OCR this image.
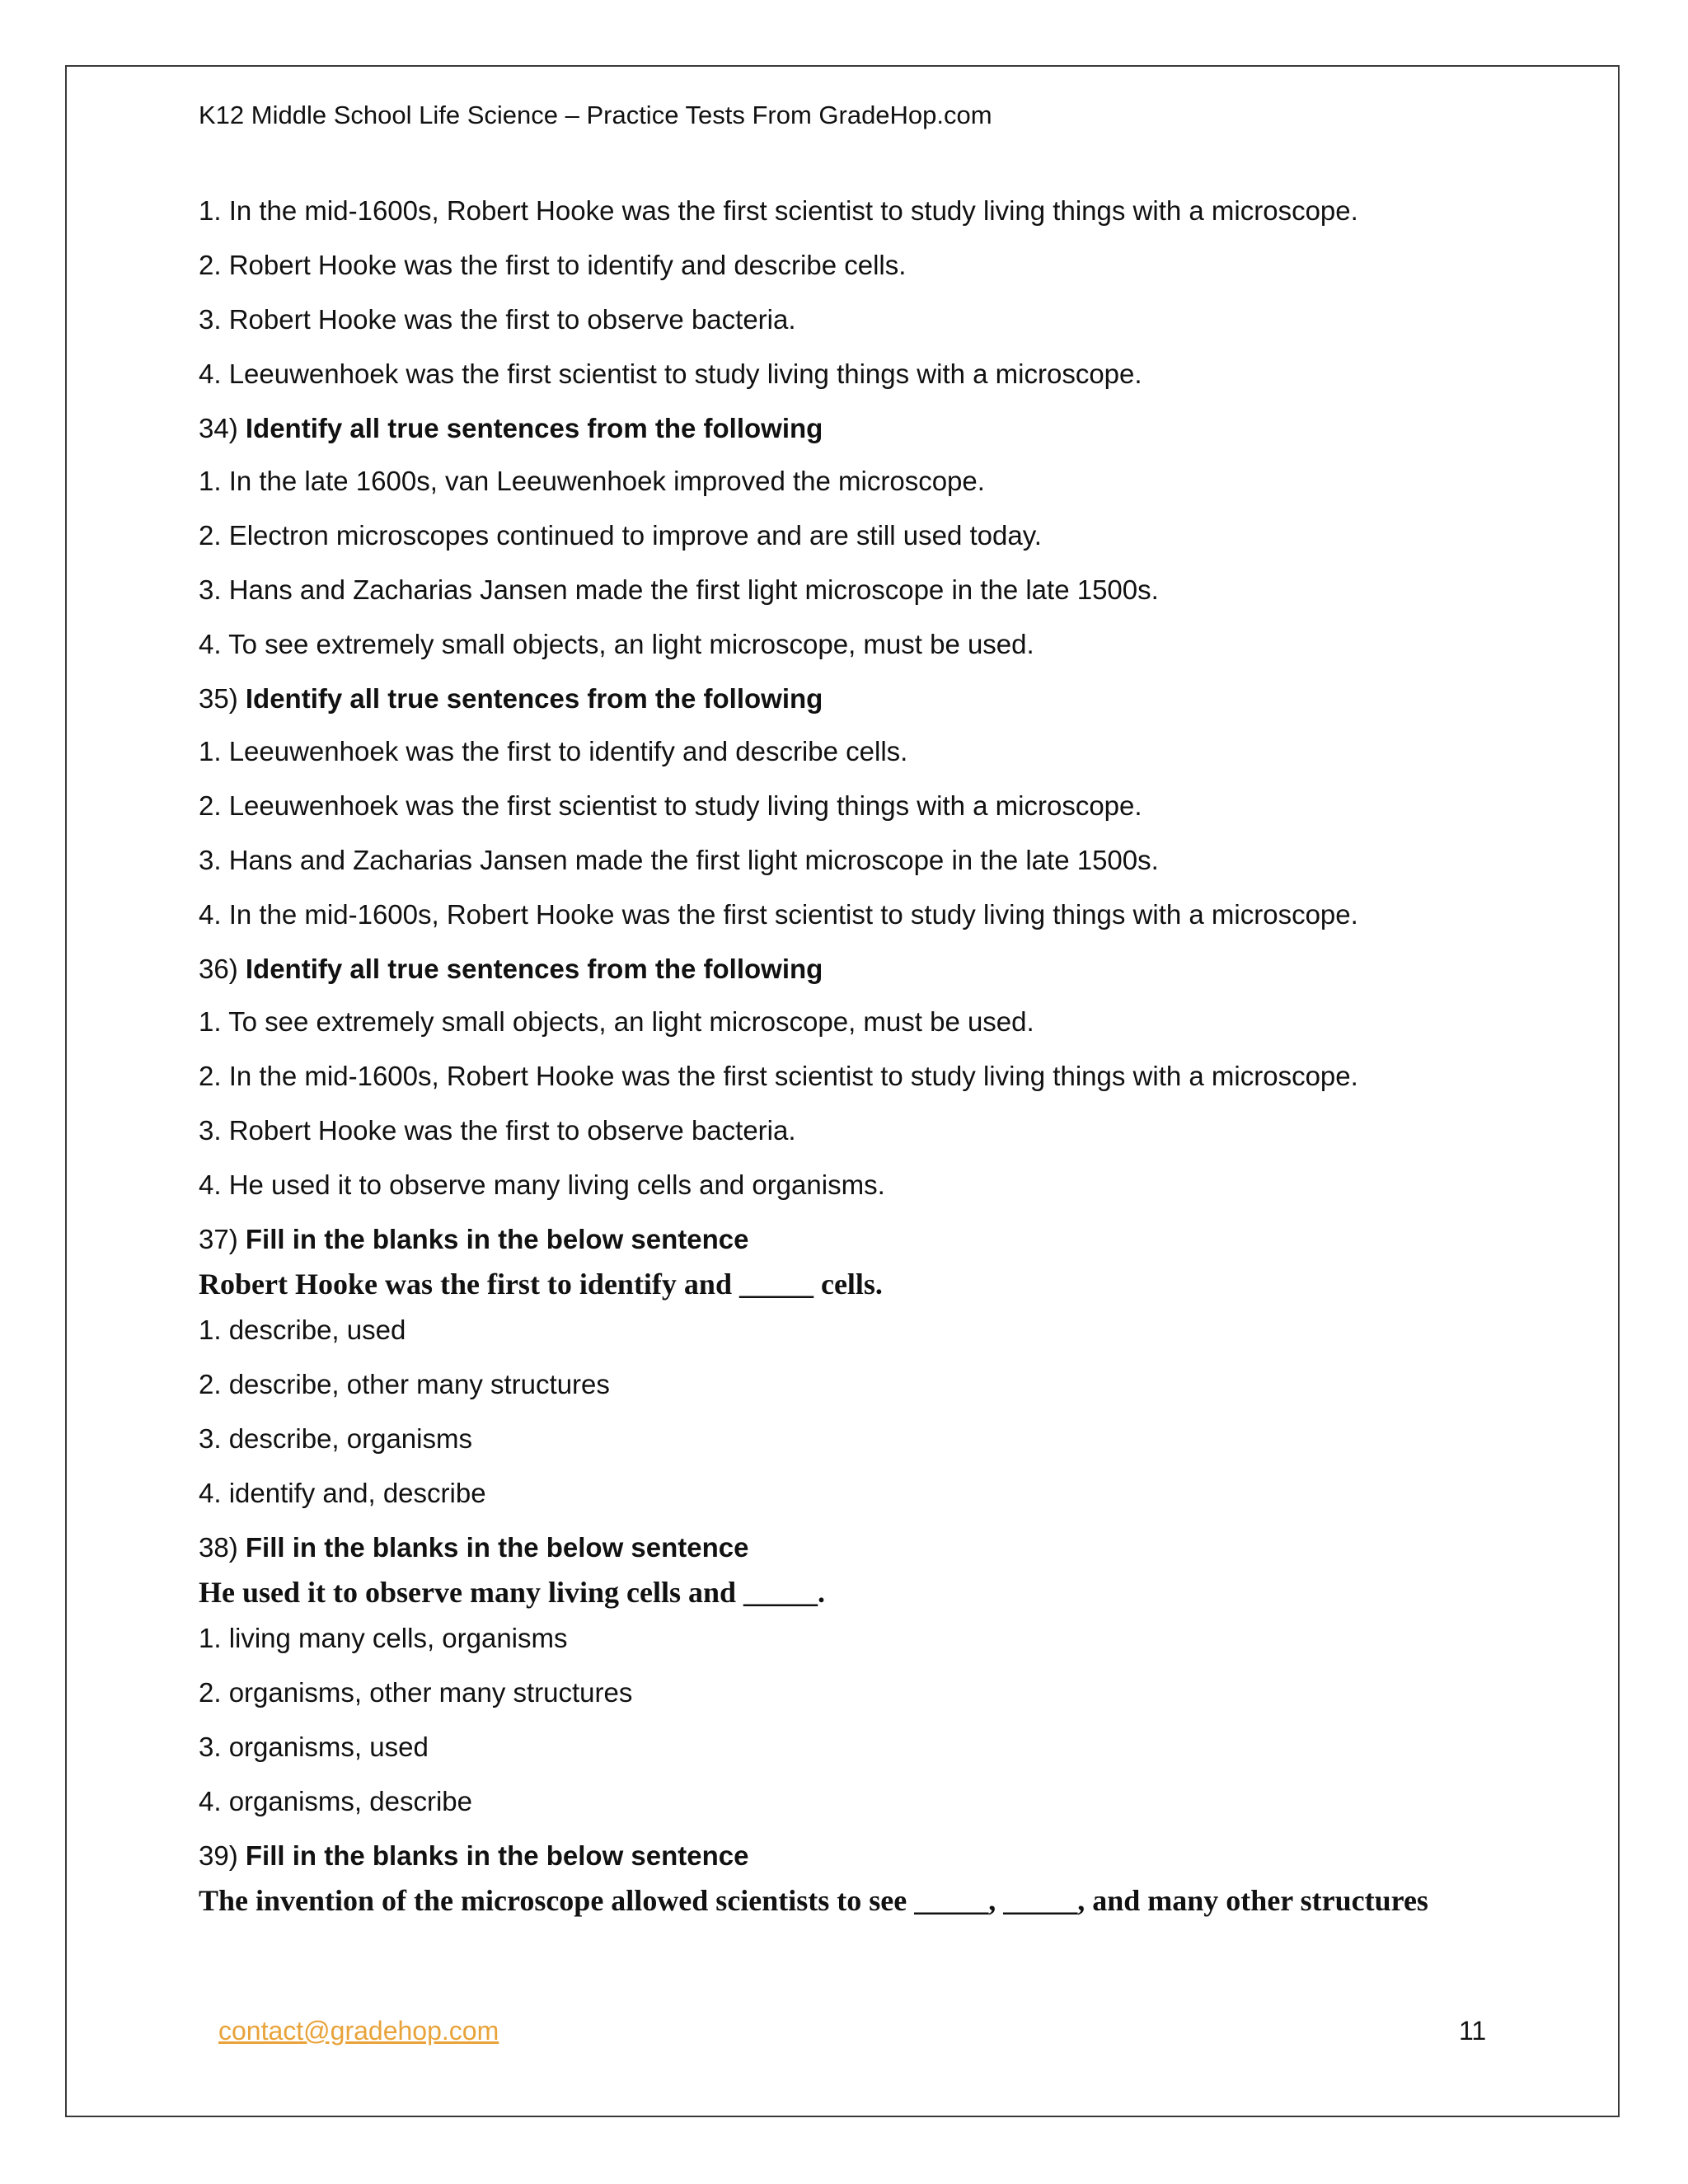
K12 Middle School Life Science – Practice Tests From GradeHop.com
1. In the mid-1600s, Robert Hooke was the first scientist to study living things with a microscope.
2. Robert Hooke was the first to identify and describe cells.
3. Robert Hooke was the first to observe bacteria.
4. Leeuwenhoek was the first scientist to study living things with a microscope.
34) Identify all true sentences from the following
1. In the late 1600s, van Leeuwenhoek improved the microscope.
2. Electron microscopes continued to improve and are still used today.
3. Hans and Zacharias Jansen made the first light microscope in the late 1500s.
4. To see extremely small objects, an light microscope, must be used.
35) Identify all true sentences from the following
1. Leeuwenhoek was the first to identify and describe cells.
2. Leeuwenhoek was the first scientist to study living things with a microscope.
3. Hans and Zacharias Jansen made the first light microscope in the late 1500s.
4. In the mid-1600s, Robert Hooke was the first scientist to study living things with a microscope.
36) Identify all true sentences from the following
1. To see extremely small objects, an light microscope, must be used.
2. In the mid-1600s, Robert Hooke was the first scientist to study living things with a microscope.
3. Robert Hooke was the first to observe bacteria.
4. He used it to observe many living cells and organisms.
37) Fill in the blanks in the below sentence
Robert Hooke was the first to identify and _____ cells.
1. describe, used
2. describe, other many structures
3. describe, organisms
4. identify and, describe
38) Fill in the blanks in the below sentence
He used it to observe many living cells and _____.
1. living many cells, organisms
2. organisms, other many structures
3. organisms, used
4. organisms, describe
39) Fill in the blanks in the below sentence
The invention of the microscope allowed scientists to see _____, _____, and many other structures
contact@gradehop.com	11
